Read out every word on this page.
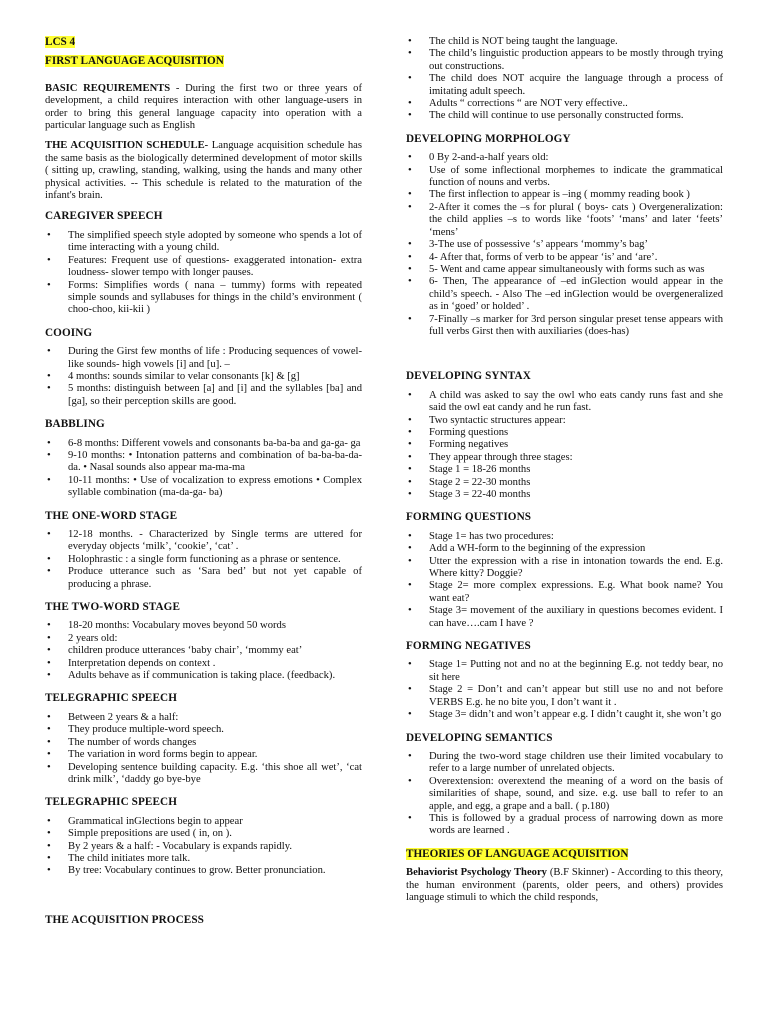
LCS 4
FIRST LANGUAGE ACQUISITION

BASIC REQUIREMENTS - During the first two or three years of development, a child requires interaction with other language-users in order to bring this general language capacity into operation with a particular language such as English

THE ACQUISITION SCHEDULE- Language acquisition schedule has the same basis as the biologically determined development of motor skills ( sitting up, crawling, standing, walking, using the hands and many other physical activities. -- This schedule is related to the maturation of the infant's brain.

CAREGIVER SPEECH
• The simplified speech style adopted by someone who spends a lot of time interacting with a young child.
• Features: Frequent use of questions- exaggerated intonation- extra loudness- slower tempo with longer pauses.
• Forms: Simplifies words ( nana – tummy) forms with repeated simple sounds and syllabuses for things in the child’s environment ( choo-choo, kii-kii )
COOING
• During the Girst few months of life : Producing sequences of vowel-like sounds- high vowels [i] and [u]. –
• 4 months: sounds similar to velar consonants [k] & [g]
• 5 months: distinguish between [a] and [i] and the syllables [ba] and [ga], so their perception skills are good.
BABBLING
• 6-8 months: Different vowels and consonants ba-ba-ba and ga-ga- ga
• 9-10 months: • Intonation patterns and combination of ba-ba-ba-da-da. • Nasal sounds also appear ma-ma-ma
• 10-11 months: • Use of vocalization to express emotions • Complex syllable combination (ma-da-ga- ba)
THE ONE-WORD STAGE
• 12-18 months. - Characterized by Single terms are uttered for everyday objects ‘milk’, ‘cookie’, ‘cat’ .
• Holophrastic : a single form functioning as a phrase or sentence.
• Produce utterance such as ‘Sara bed’ but not yet capable of producing a phrase.
THE TWO-WORD STAGE
• 18-20 months: Vocabulary moves beyond 50 words
• 2 years old:
• children produce utterances ‘baby chair’, ‘mommy eat’
• Interpretation depends on context .
• Adults behave as if communication is taking place. (feedback).
TELEGRAPHIC SPEECH
• Between 2 years & a half:
• They produce multiple-word speech.
• The number of words changes
• The variation in word forms begin to appear.
• Developing sentence building capacity. E.g. ‘this shoe all wet’, ‘cat drink milk’, ‘daddy go bye-bye
TELEGRAPHIC SPEECH
• Grammatical inGlections begin to appear
• Simple prepositions are used ( in, on ).
• By 2 years & a half: - Vocabulary is expands rapidly.
• The child initiates more talk.
• By tree: Vocabulary continues to grow. Better pronunciation.
THE ACQUISITION PROCESS
• The child is NOT being taught the language.
• The child’s linguistic production appears to be mostly through trying out constructions.
• The child does NOT acquire the language through a process of imitating adult speech.
• Adults “ corrections “ are NOT very effective..
• The child will continue to use personally constructed forms.
DEVELOPING MORPHOLOGY
• 0 By 2-and-a-half years old:
• Use of some inflectional morphemes to indicate the grammatical function of nouns and verbs.
• The first inflection to appear is –ing ( mommy reading book )
• 2-After it comes the –s for plural ( boys- cats ) Overgeneralization: the child applies –s to words like ‘foots’ ‘mans’ and later ‘feets’ ‘mens’
• 3-The use of possessive ‘s’ appears ‘mommy’s bag’
• 4- After that, forms of verb to be appear ‘is’ and ‘are’.
• 5- Went and came appear simultaneously with forms such as was
• 6- Then, The appearance of –ed inGlection would appear in the child’s speech. - Also The –ed inGlection would be overgeneralized as in ‘goed’ or holded’ .
• 7-Finally –s marker for 3rd person singular preset tense appears with full verbs Girst then with auxiliaries (does-has)
DEVELOPING SYNTAX
• A child was asked to say the owl who eats candy runs fast and she said the owl eat candy and he run fast.
• Two syntactic structures appear:
• Forming questions
• Forming negatives
• They appear through three stages:
• Stage 1 = 18-26 months
• Stage 2 = 22-30 months
• Stage 3 = 22-40 months
FORMING QUESTIONS
• Stage 1= has two procedures:
• Add a WH-form to the beginning of the expression
• Utter the expression with a rise in intonation towards the end. E.g. Where kitty? Doggie?
• Stage 2= more complex expressions. E.g. What book name? You want eat?
• Stage 3= movement of the auxiliary in questions becomes evident. I can have….cam I have ?
FORMING NEGATIVES
• Stage 1= Putting not and no at the beginning E.g. not teddy bear, no sit here
• Stage 2 = Don’t and can’t appear but still use no and not before VERBS E.g. he no bite you, I don’t want it .
• Stage 3= didn’t and won’t appear e.g. I didn’t caught it, she won’t go
DEVELOPING SEMANTICS
• During the two-word stage children use their limited vocabulary to refer to a large number of unrelated objects.
• Overextension: overextend the meaning of a word on the basis of similarities of shape, sound, and size. e.g. use ball to refer to an apple, and egg, a grape and a ball. ( p.180)
• This is followed by a gradual process of narrowing down as more words are learned .
THEORIES OF LANGUAGE ACQUISITION

Behaviorist Psychology Theory (B.F Skinner) - According to this theory, the human environment (parents, older peers, and others) provides language stimuli to which the child responds,
